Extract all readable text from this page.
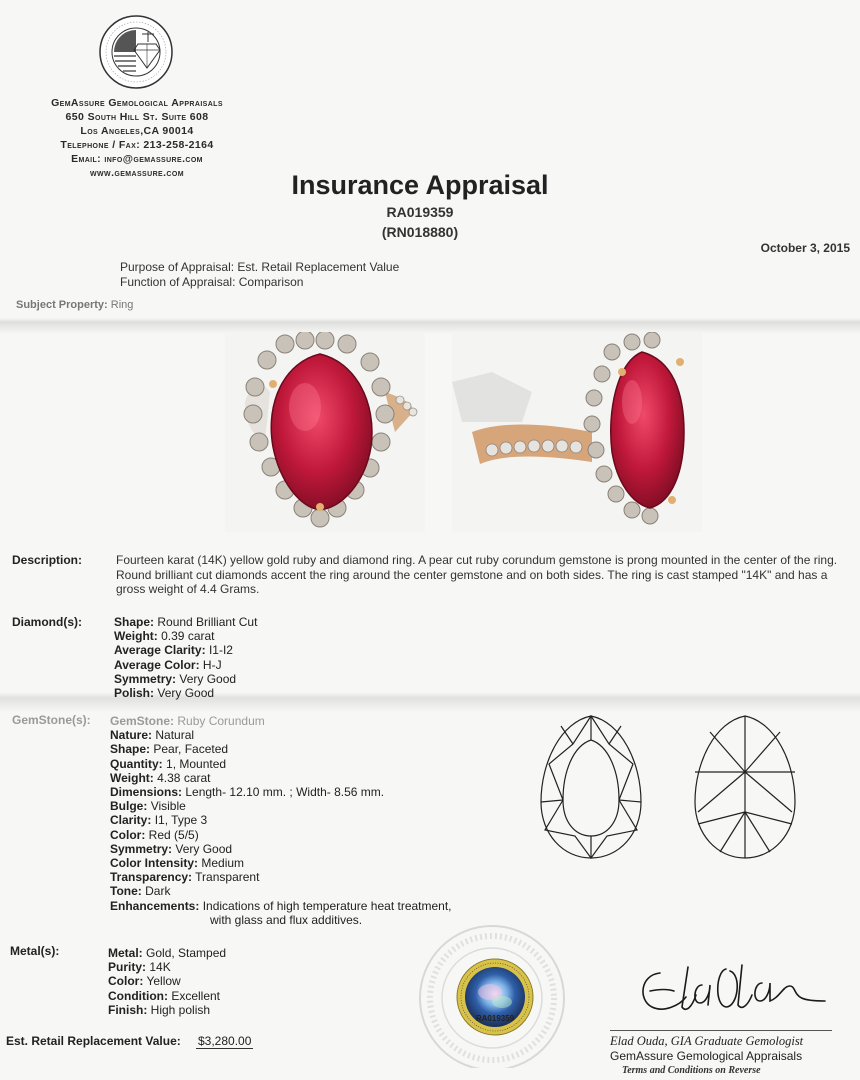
GemAssure Gemological Appraisals
650 South Hill St. Suite 608
Los Angeles,CA 90014
Telephone / Fax: 213-258-2164
Email: info@gemassure.com
www.gemassure.com	Insurance Appraisal
RA019359
(RN018880)
October 3, 2015
Purpose of Appraisal: Est. Retail Replacement Value
Function of Appraisal: Comparison
Subject Property: Ring
Description:	Fourteen karat (14K) yellow gold ruby and diamond ring. A pear cut ruby corundum gemstone is prong mounted in the center of the ring. Round brilliant cut diamonds accent the ring around the center gemstone and on both sides. The ring is cast stamped "14K" and has a gross weight of 4.4 Grams.
Diamond(s):	Shape: Round Brilliant Cut
Weight: 0.39 carat
Average Clarity: I1-I2
Average Color: H-J
Symmetry: Very Good
Polish: Very Good
GemStone(s): GemStone: Ruby Corundum
Nature: Natural
Shape: Pear, Faceted
Quantity: 1, Mounted
Weight: 4.38 carat
Dimensions: Length- 12.10 mm. ; Width- 8.56 mm.
Bulge: Visible
Clarity: I1, Type 3
Color: Red (5/5)
Symmetry: Very Good
Color Intensity: Medium
Transparency: Transparent
Tone: Dark
Enhancements: Indications of high temperature heat treatment,
with glass and flux additives.
Metal(s):	Metal: Gold, Stamped
Purity: 14K
Color: Yellow
Condition: Excellent
Finish: High polish
RA019359
Elad Ouda, GIA Graduate Gemologist
GemAssure Gemological Appraisals
Terms and Conditions on Reverse
Est. Retail Replacement Value: $3,280.00
